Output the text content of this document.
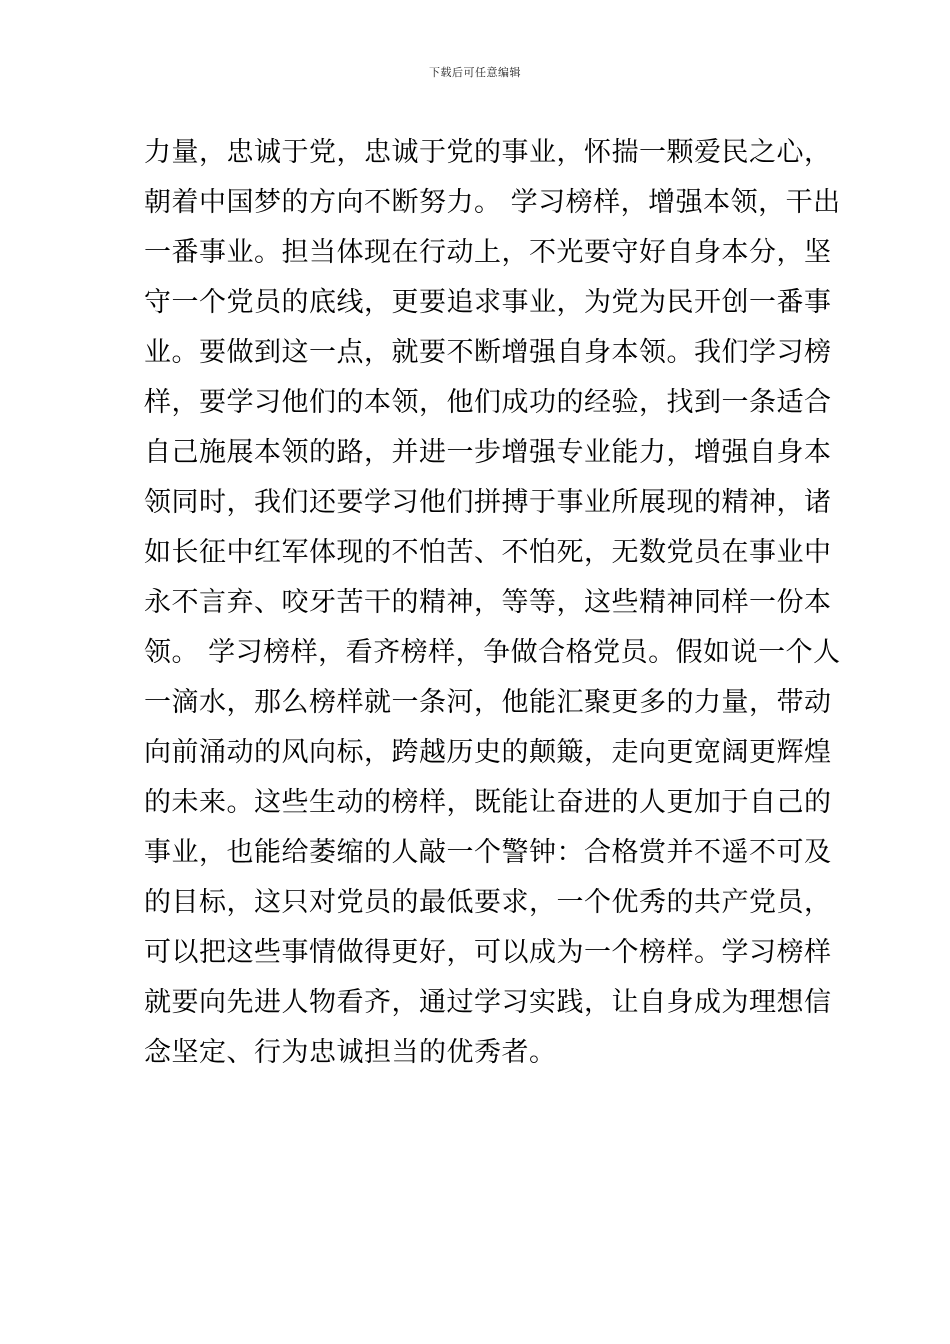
下载后可任意编辑
力量，忠诚于党，忠诚于党的事业，怀揣一颗爱民之心，
朝着中国梦的方向不断努力。 学习榜样，增强本领，干出
一番事业。担当体现在行动上，不光要守好自身本分，坚
守一个党员的底线，更要追求事业，为党为民开创一番事
业。要做到这一点，就要不断增强自身本领。我们学习榜
样，要学习他们的本领，他们成功的经验，找到一条适合
自己施展本领的路，并进一步增强专业能力，增强自身本
领同时，我们还要学习他们拼搏于事业所展现的精神，诸
如长征中红军体现的不怕苦、不怕死，无数党员在事业中
永不言弃、咬牙苦干的精神，等等，这些精神同样一份本
领。 学习榜样，看齐榜样，争做合格党员。假如说一个人
一滴水，那么榜样就一条河，他能汇聚更多的力量，带动
向前涌动的风向标，跨越历史的颠簸，走向更宽阔更辉煌
的未来。这些生动的榜样，既能让奋进的人更加于自己的
事业，也能给萎缩的人敲一个警钟：合格赏并不遥不可及
的目标，这只对党员的最低要求，一个优秀的共产党员，
可以把这些事情做得更好，可以成为一个榜样。学习榜样
就要向先进人物看齐，通过学习实践，让自身成为理想信
念坚定、行为忠诚担当的优秀者。
